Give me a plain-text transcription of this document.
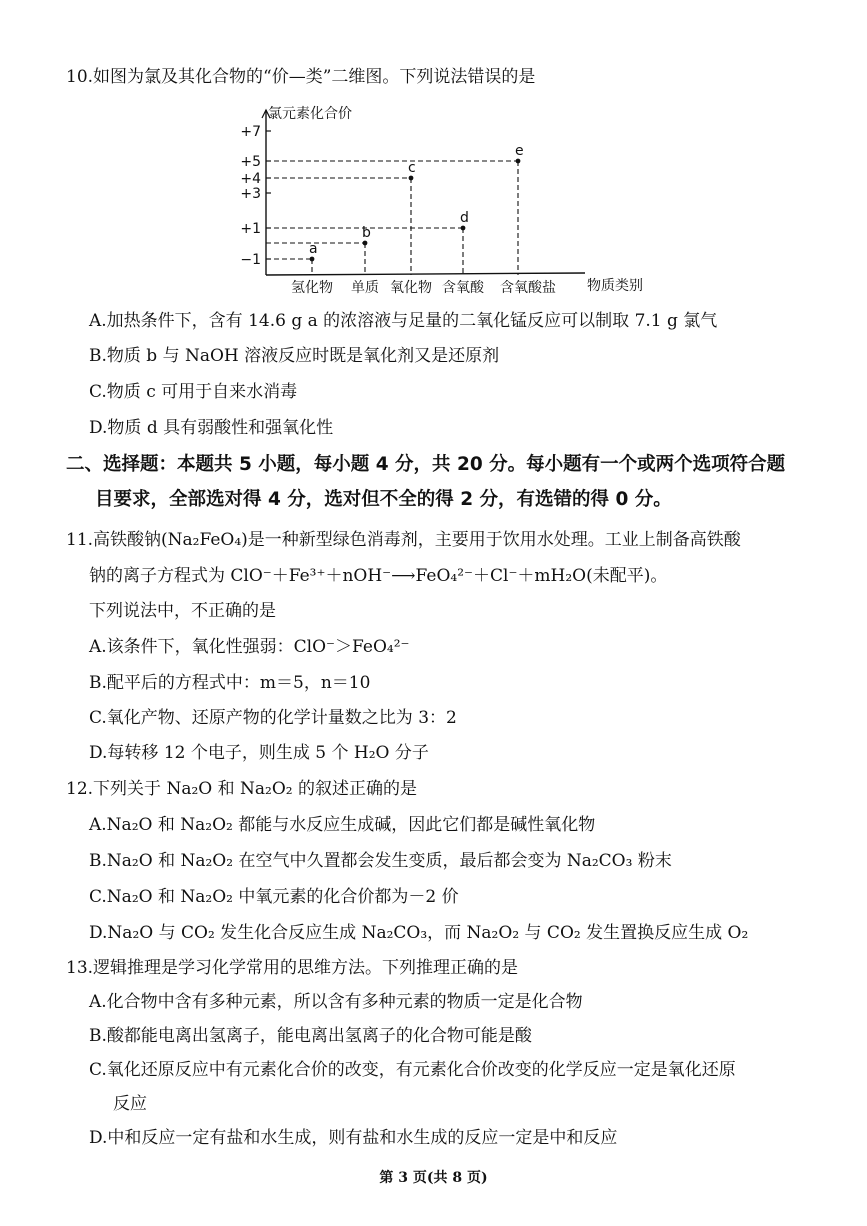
10.如图为氯及其化合物的“价—类”二维图。下列说法错误的是
氯元素化合价
物质类别
+7
+5
+4
+3
+1
−1
氢化物 单质 氧化物 含氧酸 含氧酸盐
a
b
c
d
e
A.加热条件下，含有 14.6 g a 的浓溶液与足量的二氧化锰反应可以制取 7.1 g 氯气
B.物质 b 与 NaOH 溶液反应时既是氧化剂又是还原剂
C.物质 c 可用于自来水消毒
D.物质 d 具有弱酸性和强氧化性
二、选择题：本题共 5 小题，每小题 4 分，共 20 分。每小题有一个或两个选项符合题
目要求，全部选对得 4 分，选对但不全的得 2 分，有选错的得 0 分。
11.高铁酸钠(Na₂FeO₄)是一种新型绿色消毒剂，主要用于饮用水处理。工业上制备高铁酸
钠的离子方程式为 ClO⁻＋Fe³⁺＋nOH⁻⟶FeO₄²⁻＋Cl⁻＋mH₂O(未配平)。
下列说法中，不正确的是
A.该条件下，氧化性强弱：ClO⁻＞FeO₄²⁻
B.配平后的方程式中：m＝5，n＝10
C.氧化产物、还原产物的化学计量数之比为 3：2
D.每转移 12 个电子，则生成 5 个 H₂O 分子
12.下列关于 Na₂O 和 Na₂O₂ 的叙述正确的是
A.Na₂O 和 Na₂O₂ 都能与水反应生成碱，因此它们都是碱性氧化物
B.Na₂O 和 Na₂O₂ 在空气中久置都会发生变质，最后都会变为 Na₂CO₃ 粉末
C.Na₂O 和 Na₂O₂ 中氧元素的化合价都为－2 价
D.Na₂O 与 CO₂ 发生化合反应生成 Na₂CO₃，而 Na₂O₂ 与 CO₂ 发生置换反应生成 O₂
13.逻辑推理是学习化学常用的思维方法。下列推理正确的是
A.化合物中含有多种元素，所以含有多种元素的物质一定是化合物
B.酸都能电离出氢离子，能电离出氢离子的化合物可能是酸
C.氧化还原反应中有元素化合价的改变，有元素化合价改变的化学反应一定是氧化还原
反应
D.中和反应一定有盐和水生成，则有盐和水生成的反应一定是中和反应
第 3 页(共 8 页)
